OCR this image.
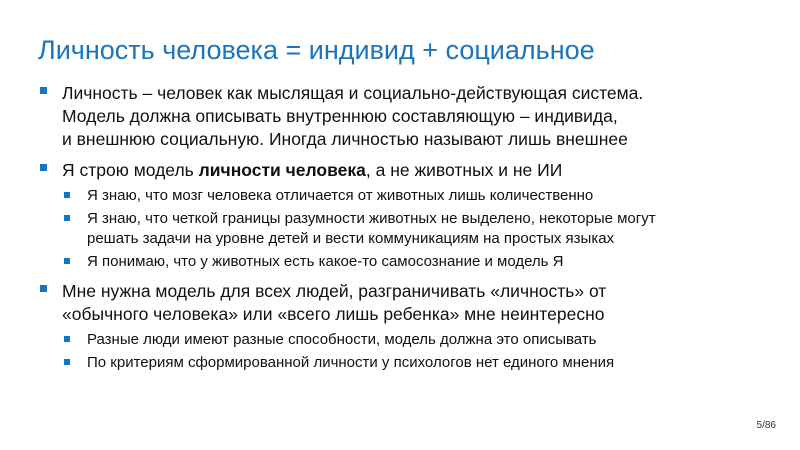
Личность человека = индивид + социальное
Личность – человек как мыслящая и социально-действующая система.
Модель должна описывать внутреннюю составляющую – индивида,
и внешнюю социальную. Иногда личностью называют лишь внешнее
Я строю модель личности человека, а не животных и не ИИ
Я знаю, что мозг человека отличается от животных лишь количественно
Я знаю, что четкой границы разумности животных не выделено, некоторые могут
решать задачи на уровне детей и вести коммуникациям на простых языках
Я понимаю, что у животных есть какое-то самосознание и модель Я
Мне нужна модель для всех людей, разграничивать «личность» от
«обычного человека» или «всего лишь ребенка» мне неинтересно
Разные люди имеют разные способности, модель должна это описывать
По критериям сформированной личности у психологов нет единого мнения
5/86
